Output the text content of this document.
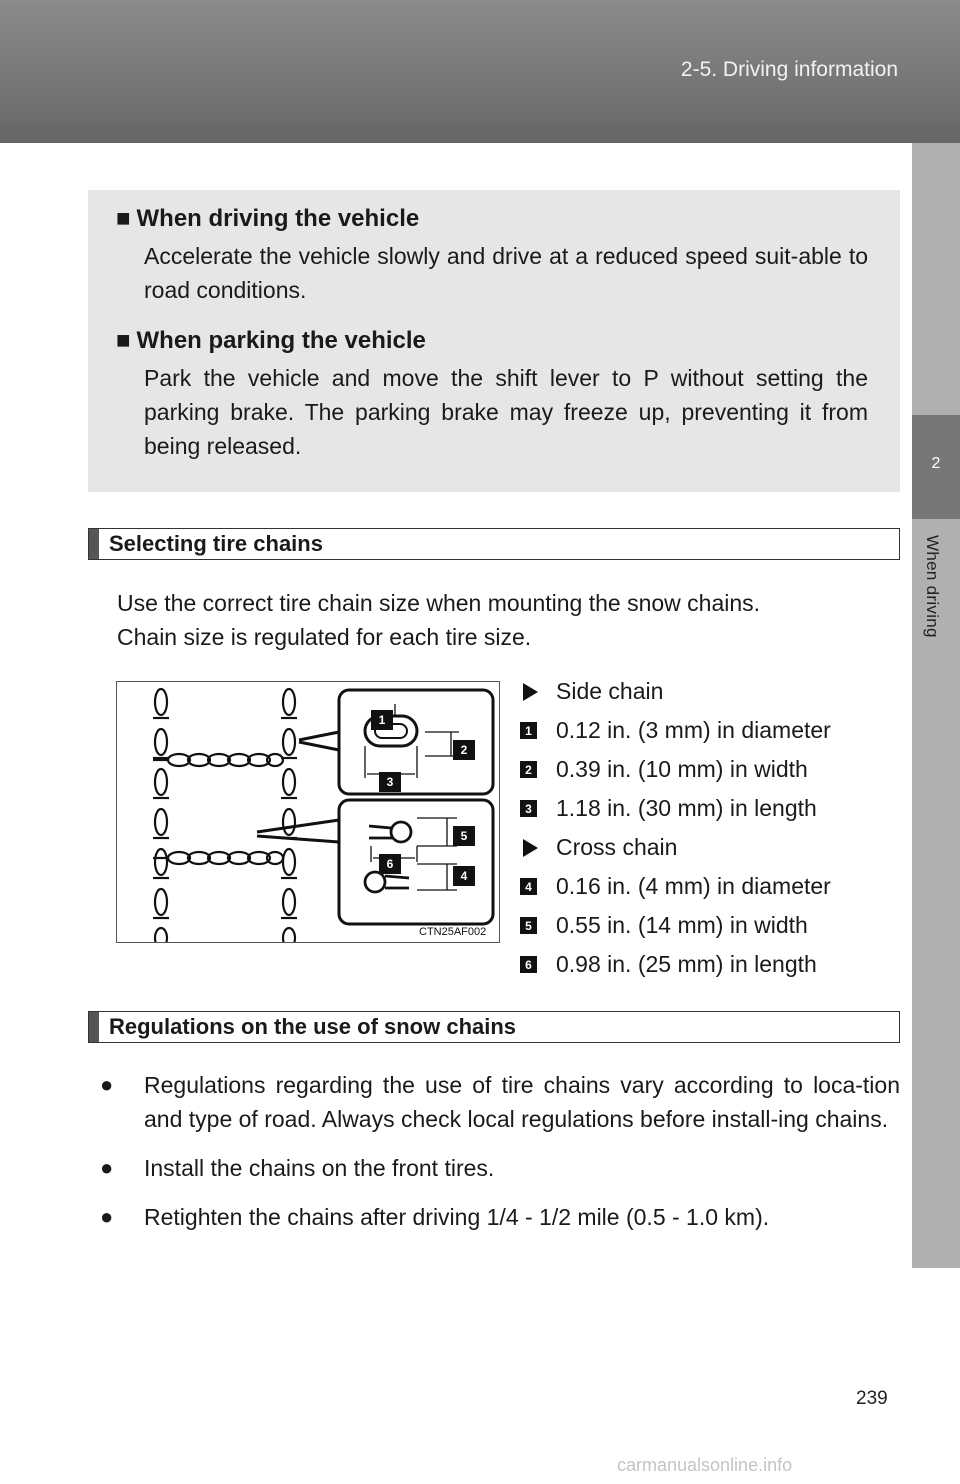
2-5. Driving information
2
When driving
■ When driving the vehicle
Accelerate the vehicle slowly and drive at a reduced speed suit-able to road conditions.
■ When parking the vehicle
Park the vehicle and move the shift lever to P without setting the parking brake. The parking brake may freeze up, preventing it from being released.
Selecting tire chains
Use the correct tire chain size when mounting the snow chains.
Chain size is regulated for each tire size.
1
2
3
4
5
6
CTN25AF002
Side chain
1 0.12 in. (3 mm) in diameter
2 0.39 in. (10 mm) in width
3 1.18 in. (30 mm) in length
Cross chain
4 0.16 in. (4 mm) in diameter
5 0.55 in. (14 mm) in width
6 0.98 in. (25 mm) in length
Regulations on the use of snow chains
●	Regulations regarding the use of tire chains vary according to loca-tion and type of road. Always check local regulations before install-ing chains.
●	Install the chains on the front tires.
●	Retighten the chains after driving 1/4 - 1/2 mile (0.5 - 1.0 km).
239
carmanualsonline.info
